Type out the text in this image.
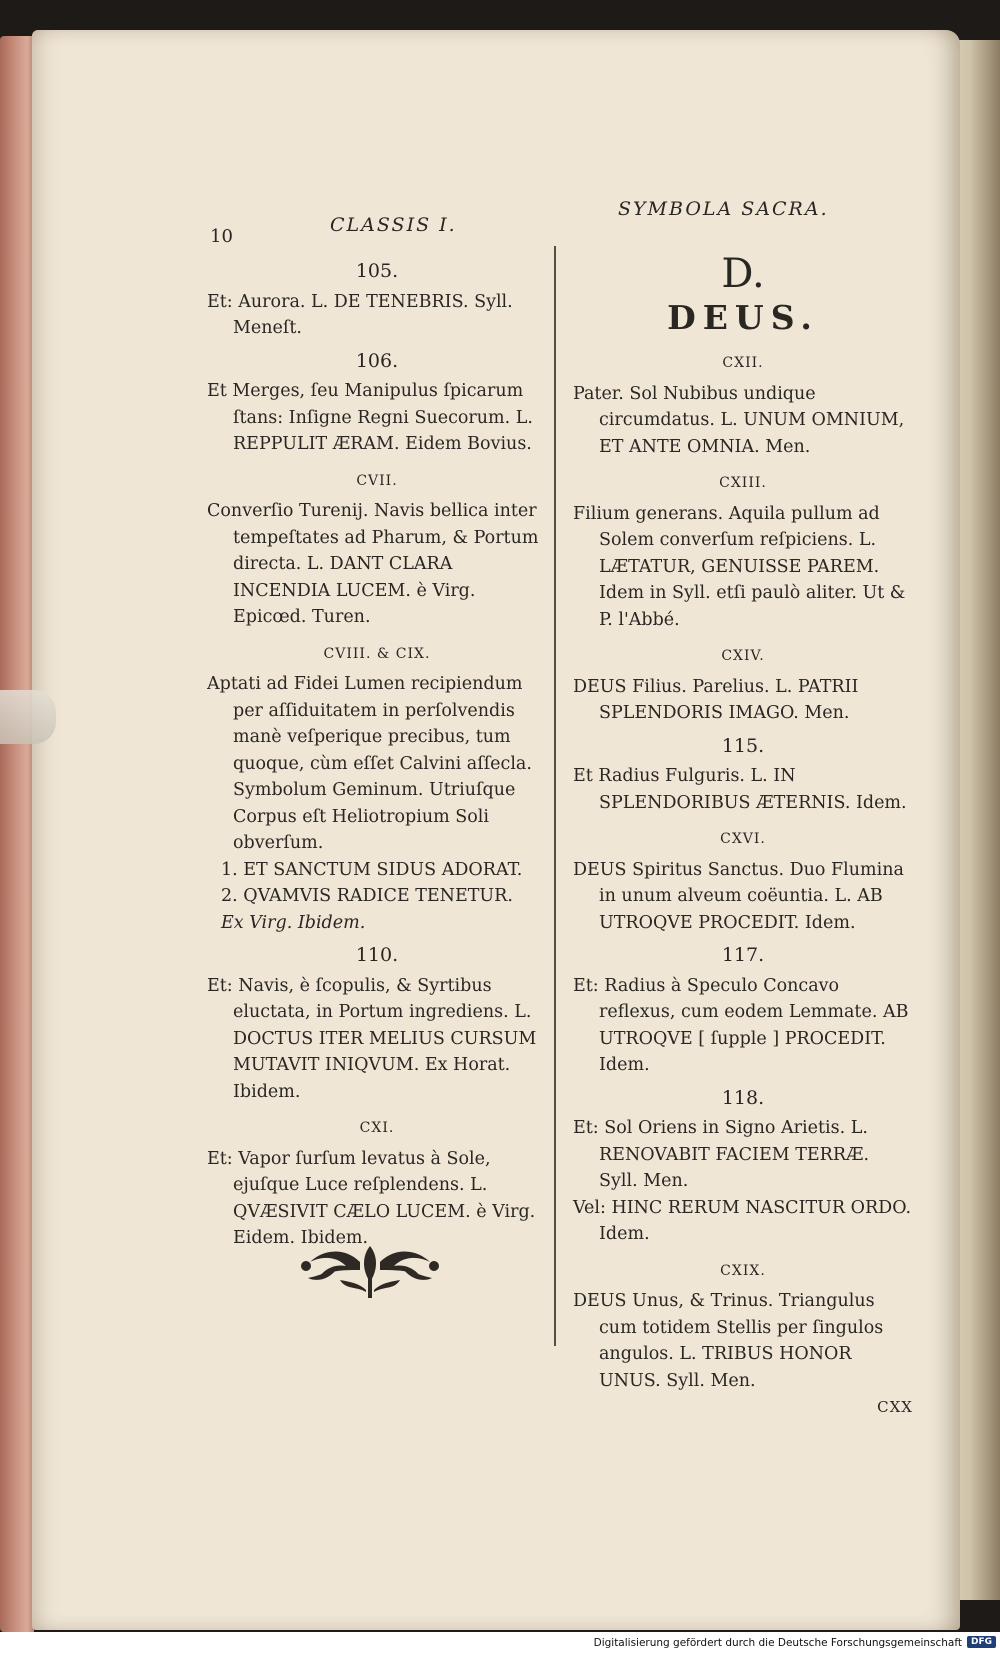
10
CLASSIS I.
SYMBOLA SACRA.
105.
Et: Aurora. L. DE TENEBRIS. Syll. Meneſt.
106.
Et Merges, ſeu Manipulus ſpicarum ſtans: Inſigne Regni Suecorum. L. REPPULIT ÆRAM. Eidem Bovius.
CVII.
Converſio Turenij. Navis bellica inter tempeſtates ad Pharum, & Portum directa. L. DANT CLARA INCENDIA LUCEM. è Virg. Epicœd. Turen.
CVIII. & CIX.
Aptati ad Fidei Lumen recipiendum per aſſiduitatem in perſolvendis manè veſperique precibus, tum quoque, cùm eſſet Calvini aſſecla. Symbolum Geminum. Utriuſque Corpus eſt Heliotropium Soli obverſum.
1. ET SANCTUM SIDUS ADORAT.
2. QVAMVIS RADICE TENETUR.
Ex Virg. Ibidem.
110.
Et: Navis, è ſcopulis, & Syrtibus eluctata, in Portum ingrediens. L. DOCTUS ITER MELIUS CURSUM MUTAVIT INIQVUM. Ex Horat. Ibidem.
CXI.
Et: Vapor ſurſum levatus à Sole, ejuſque Luce reſplendens. L. QVÆSIVIT CÆLO LUCEM. è Virg. Eidem. Ibidem.
D.
DEUS.
CXII.
Pater. Sol Nubibus undique circumdatus. L. UNUM OMNIUM, ET ANTE OMNIA. Men.
CXIII.
Filium generans. Aquila pullum ad Solem converſum reſpiciens. L. LÆTATUR, GENUISSE PAREM. Idem in Syll. etſi paulò aliter. Ut & P. l'Abbé.
CXIV.
DEUS Filius. Parelius. L. PATRII SPLENDORIS IMAGO. Men.
115.
Et Radius Fulguris. L. IN SPLENDORIBUS ÆTERNIS. Idem.
CXVI.
DEUS Spiritus Sanctus. Duo Flumina in unum alveum coëuntia. L. AB UTROQVE PROCEDIT. Idem.
117.
Et: Radius à Speculo Concavo reflexus, cum eodem Lemmate. AB UTROQVE [ ſupple ] PROCEDIT. Idem.
118.
Et: Sol Oriens in Signo Arietis. L. RENOVABIT FACIEM TERRÆ. Syll. Men.
Vel: HINC RERUM NASCITUR ORDO. Idem.
CXIX.
DEUS Unus, & Trinus. Triangulus cum totidem Stellis per ſingulos angulos. L. TRIBUS HONOR UNUS. Syll. Men.
CXX
Digitalisierung gefördert durch die Deutsche Forschungsgemeinschaft DFG
